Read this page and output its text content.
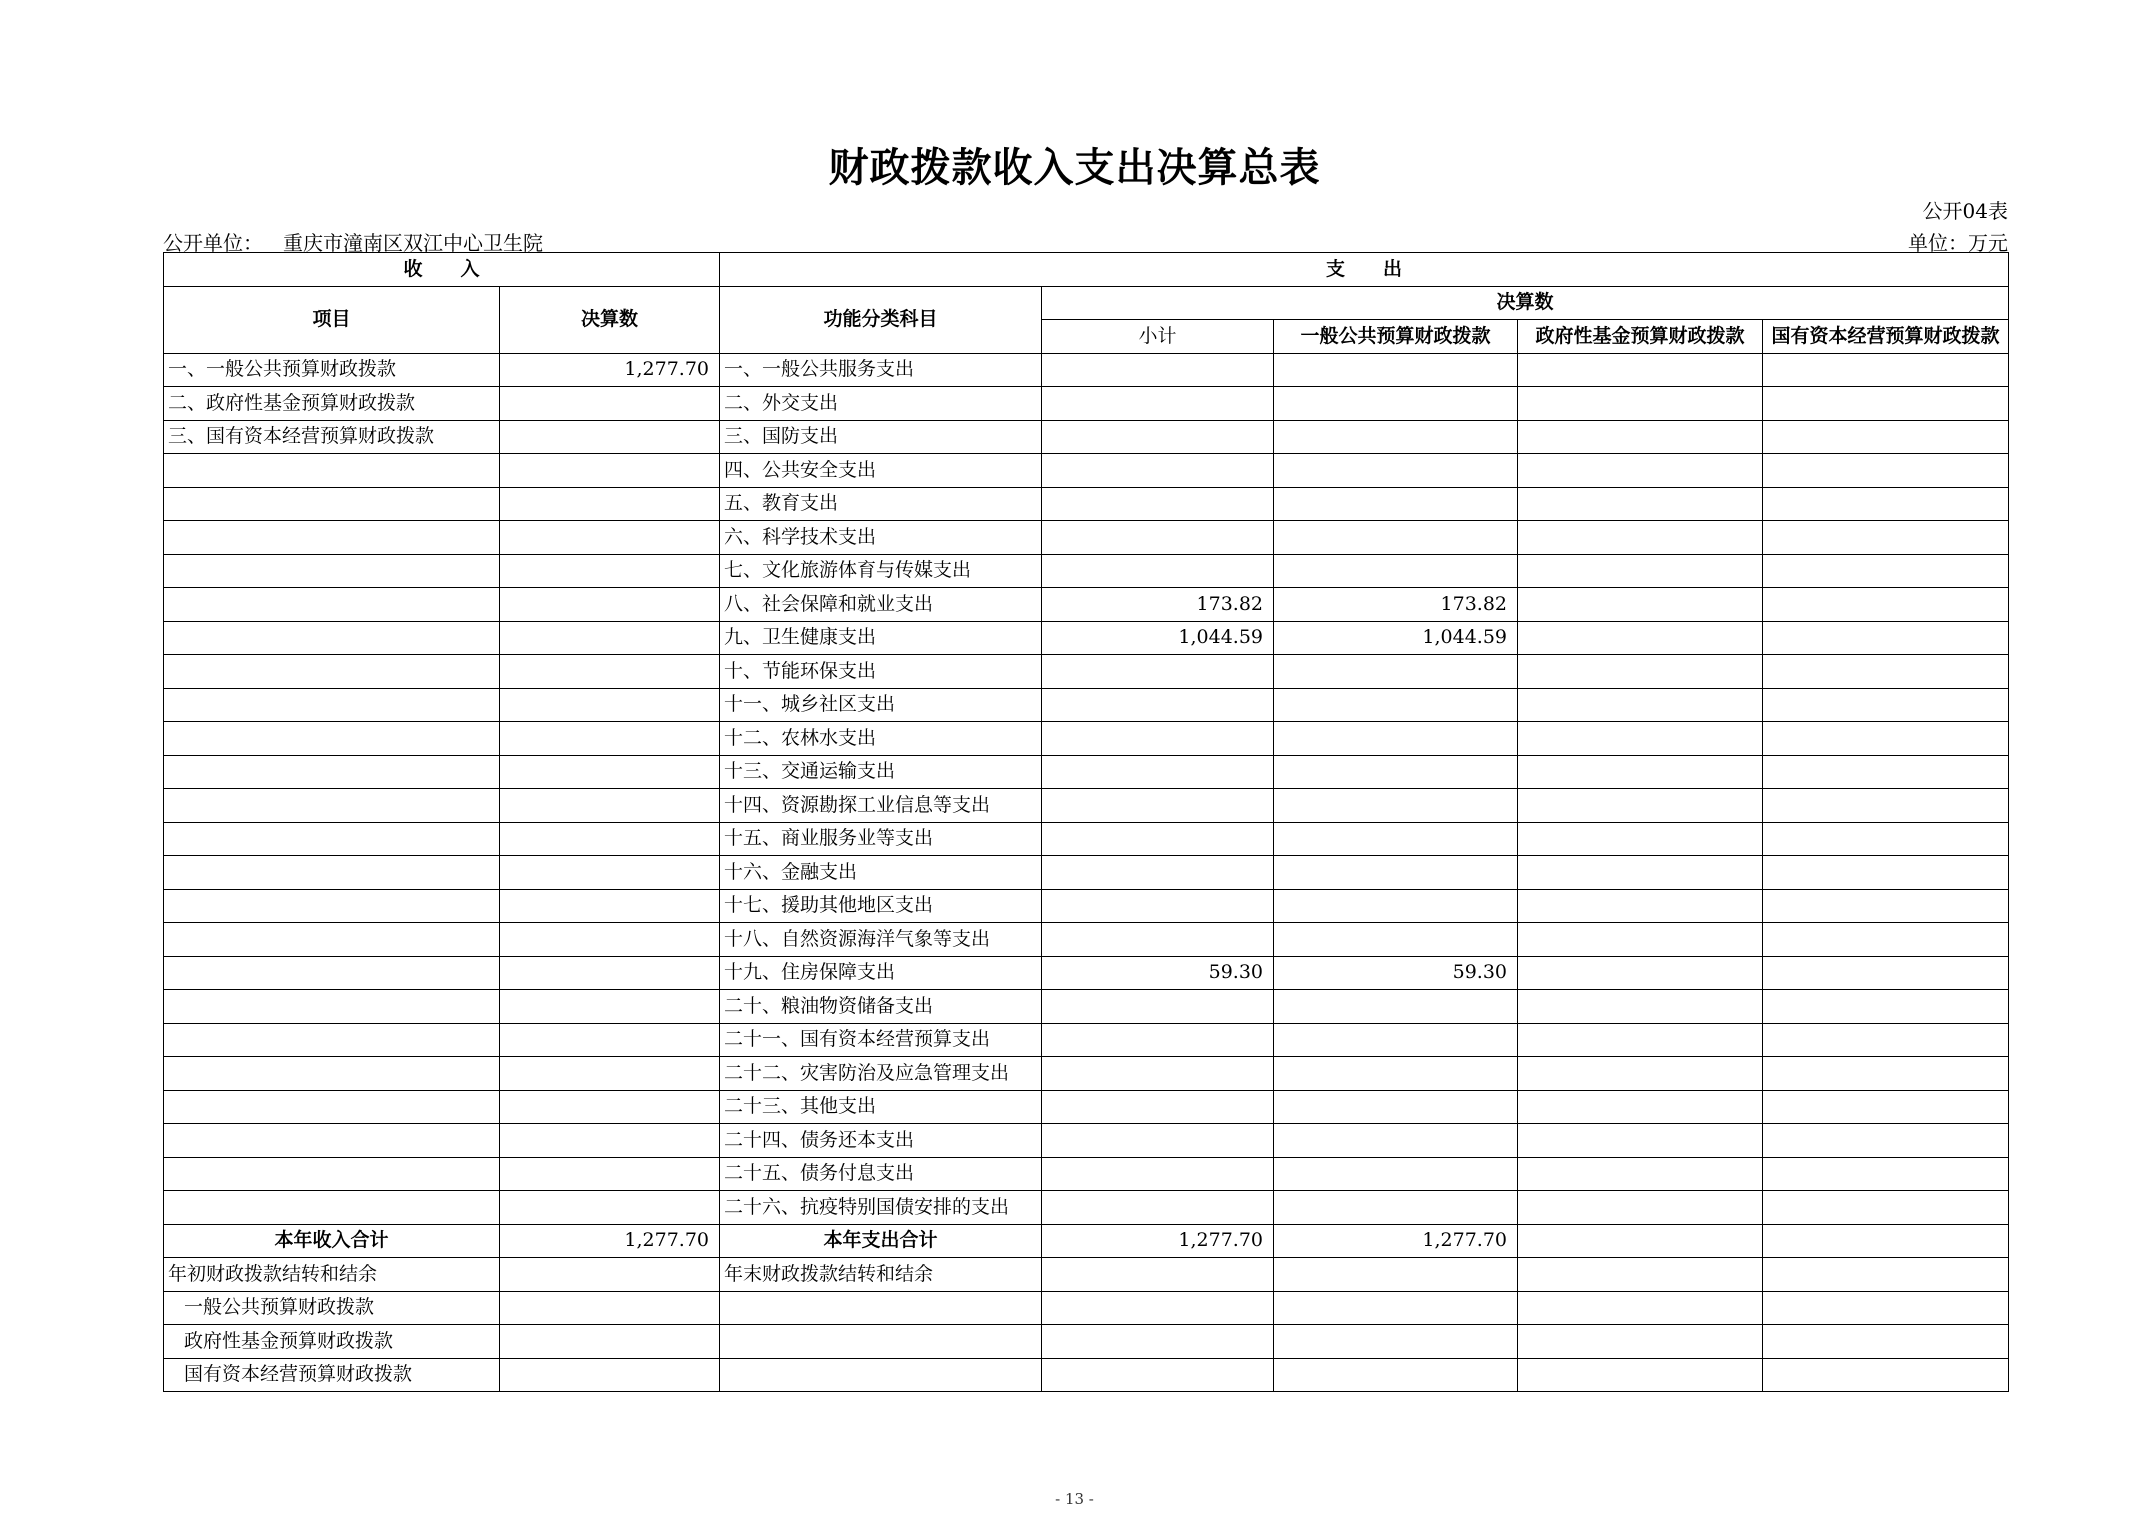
财政拨款收入支出决算总表
公开04表
公开单位： 重庆市潼南区双江中心卫生院	单位：万元
收　　入		支　　出				
项目	决算数	功能分类科目	决算数			
			小计	一般公共预算财政拨款	政府性基金预算财政拨款	国有资本经营预算财政拨款
一、一般公共预算财政拨款	1,277.70	一、一般公共服务支出				
二、政府性基金预算财政拨款		二、外交支出				
三、国有资本经营预算财政拨款		三、国防支出				
		四、公共安全支出				
		五、教育支出				
		六、科学技术支出				
		七、文化旅游体育与传媒支出				
		八、社会保障和就业支出	173.82	173.82		
		九、卫生健康支出	1,044.59	1,044.59		
		十、节能环保支出				
		十一、城乡社区支出				
		十二、农林水支出				
		十三、交通运输支出				
		十四、资源勘探工业信息等支出				
		十五、商业服务业等支出				
		十六、金融支出				
		十七、援助其他地区支出				
		十八、自然资源海洋气象等支出				
		十九、住房保障支出	59.30	59.30		
		二十、粮油物资储备支出				
		二十一、国有资本经营预算支出				
		二十二、灾害防治及应急管理支出				
		二十三、其他支出				
		二十四、债务还本支出				
		二十五、债务付息支出				
		二十六、抗疫特别国债安排的支出				
本年收入合计	1,277.70	本年支出合计	1,277.70	1,277.70		
年初财政拨款结转和结余		年末财政拨款结转和结余				
一般公共预算财政拨款						
政府性基金预算财政拨款						
国有资本经营预算财政拨款						
- 13 -
